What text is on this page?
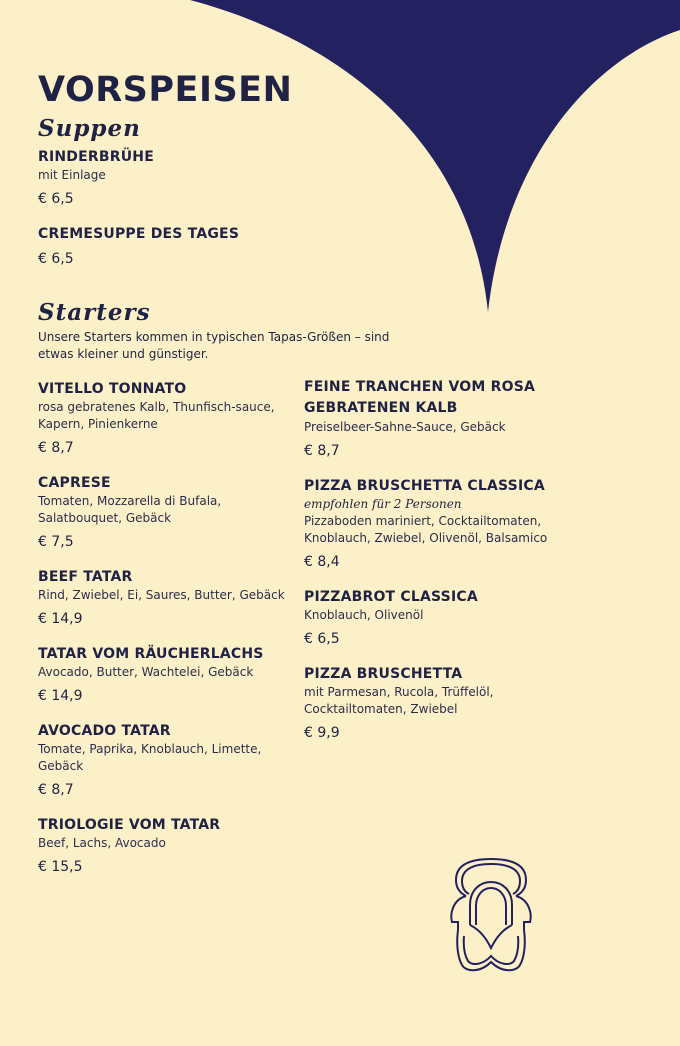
VORSPEISEN
Suppen
RINDERBRÜHE
mit Einlage
€ 6,5
CREMESUPPE DES TAGES
€ 6,5
Starters

Unsere Starters kommen in typischen Tapas-Größen – sind etwas kleiner und günstiger.

VITELLO TONNATO
rosa gebratenes Kalb, Thunfisch-sauce, Kapern, Pinienkerne
€ 8,7
CAPRESE
Tomaten, Mozzarella di Bufala, Salatbouquet, Gebäck
€ 7,5
BEEF TATAR
Rind, Zwiebel, Ei, Saures, Butter, Gebäck
€ 14,9
TATAR VOM RÄUCHERLACHS
Avocado, Butter, Wachtelei, Gebäck
€ 14,9
AVOCADO TATAR
Tomate, Paprika, Knoblauch, Limette, Gebäck
€ 8,7
TRIOLOGIE VOM TATAR
Beef, Lachs, Avocado
€ 15,5
FEINE TRANCHEN VOM ROSA GEBRATENEN KALB
Preiselbeer-Sahne-Sauce, Gebäck
€ 8,7
PIZZA BRUSCHETTA CLASSICA
empfohlen für 2 Personen
Pizzaboden mariniert, Cocktailtomaten, Knoblauch, Zwiebel, Olivenöl, Balsamico
€ 8,4
PIZZABROT CLASSICA
Knoblauch, Olivenöl
€ 6,5
PIZZA BRUSCHETTA
mit Parmesan, Rucola, Trüffelöl, Cocktailtomaten, Zwiebel
€ 9,9
